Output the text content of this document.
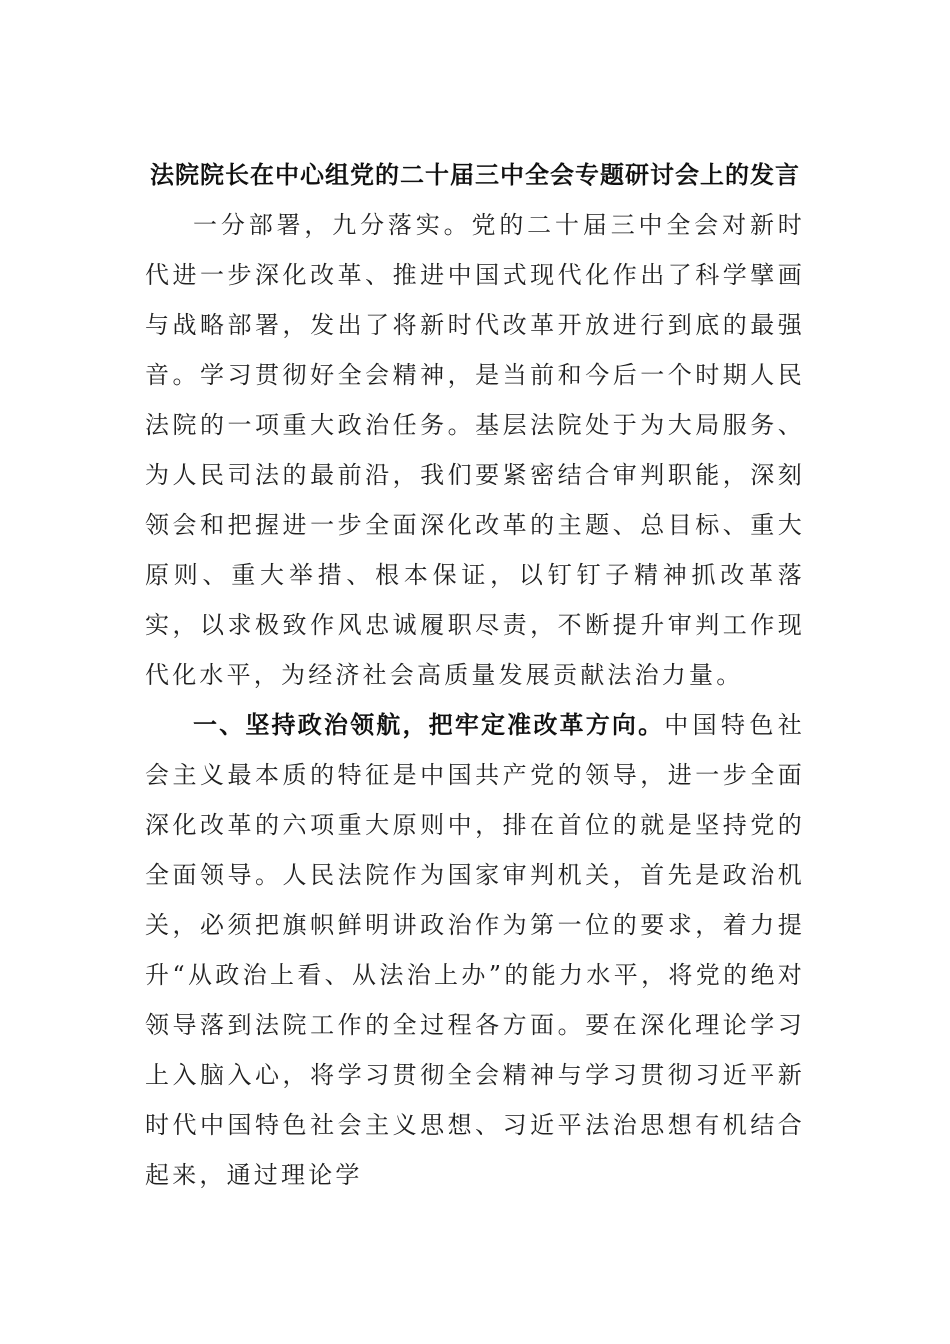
法院院长在中心组党的二十届三中全会专题研讨会上的发言

一分部署，九分落实。党的二十届三中全会对新时代进一步深化改革、推进中国式现代化作出了科学擘画与战略部署，发出了将新时代改革开放进行到底的最强音。学习贯彻好全会精神，是当前和今后一个时期人民法院的一项重大政治任务。基层法院处于为大局服务、为人民司法的最前沿，我们要紧密结合审判职能，深刻领会和把握进一步全面深化改革的主题、总目标、重大原则、重大举措、根本保证，以钉钉子精神抓改革落实，以求极致作风忠诚履职尽责，不断提升审判工作现代化水平，为经济社会高质量发展贡献法治力量。

一、坚持政治领航，把牢定准改革方向。中国特色社会主义最本质的特征是中国共产党的领导，进一步全面深化改革的六项重大原则中，排在首位的就是坚持党的全面领导。人民法院作为国家审判机关，首先是政治机关，必须把旗帜鲜明讲政治作为第一位的要求，着力提升“从政治上看、从法治上办”的能力水平，将党的绝对领导落到法院工作的全过程各方面。要在深化理论学习上入脑入心，将学习贯彻全会精神与学习贯彻习近平新时代中国特色社会主义思想、习近平法治思想有机结合起来，通过理论学
